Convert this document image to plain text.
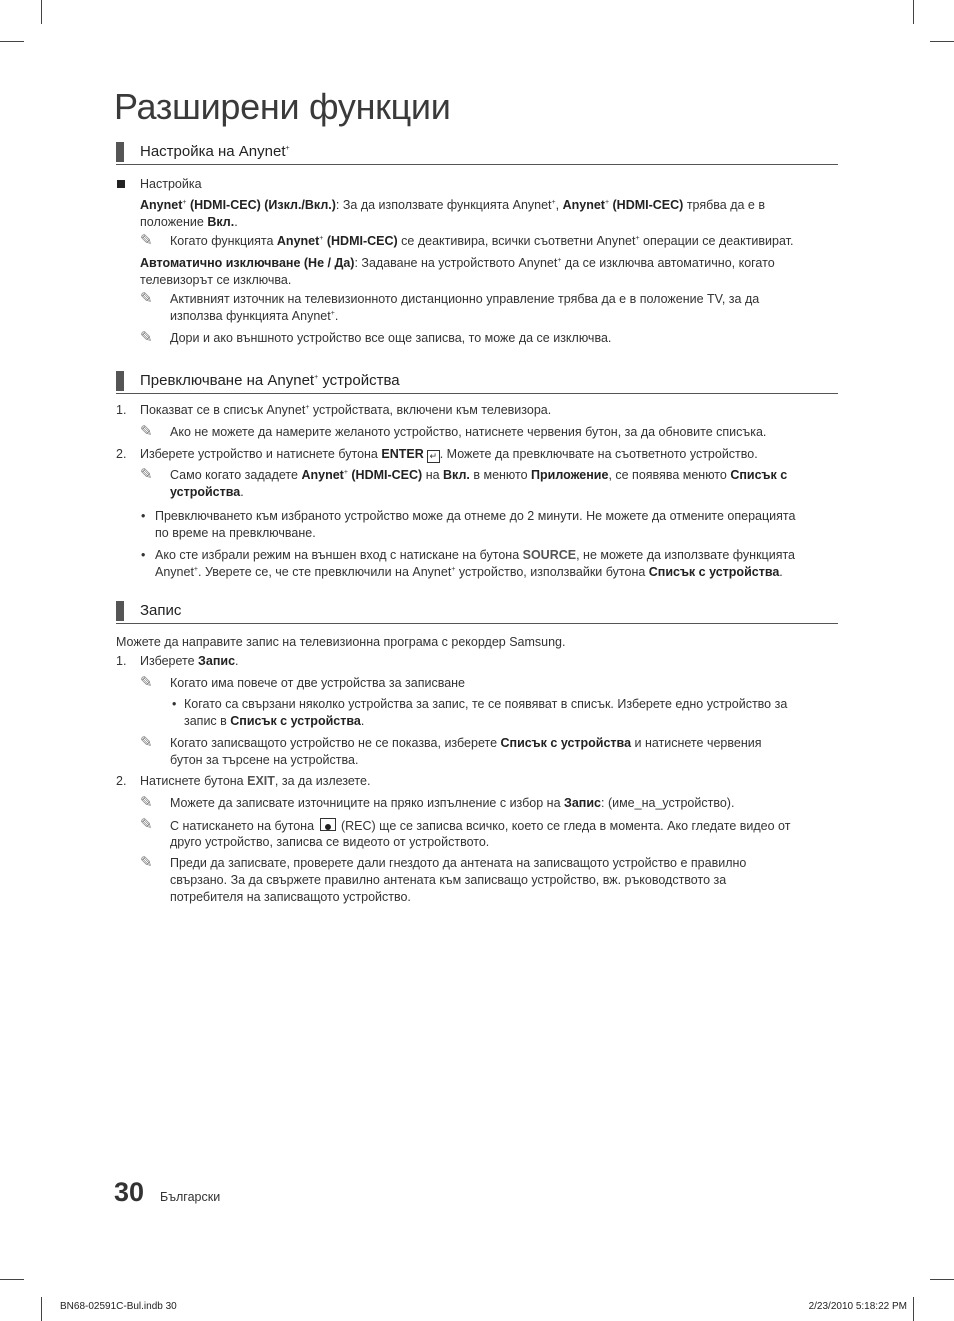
Разширени функции
Настройка на Anynet+
Настройка
Anynet+ (HDMI-CEC) (Изкл./Вкл.): За да използвате функцията Anynet+, Anynet+ (HDMI-CEC) трябва да е в
положение Вкл..
✎ Когато функцията Anynet+ (HDMI-CEC) се деактивира, всички съответни Anynet+ операции се деактивират.
Автоматично изключване (Не / Да): Задаване на устройството Anynet+ да се изключва автоматично, когато
телевизорът се изключва.
✎ Активният източник на телевизионното дистанционно управление трябва да е в положение TV, за да
използва функцията Anynet+.
✎ Дори и ако външното устройство все още записва, то може да се изключва.
Превключване на Anynet+ устройства
1. Показват се в списък Anynet+ устройствата, включени към телевизора.
✎ Ако не можете да намерите желаното устройство, натиснете червения бутон, за да обновите списъка.
2. Изберете устройство и натиснете бутона ENTER ↵ . Можете да превключвате на съответното устройство.
✎ Само когато зададете Anynet+ (HDMI-CEC) на Вкл. в менюто Приложение, се появява менюто Списък с
устройства.
• Превключването към избраното устройство може да отнеме до 2 минути. Не можете да отмените операцията
по време на превключване.
• Ако сте избрали режим на външен вход с натискане на бутона SOURCE, не можете да използвате функцията
Anynet+. Уверете се, че сте превключили на Anynet+ устройство, използвайки бутона Списък с устройства.
Запис
Можете да направите запис на телевизионна програма с рекордер Samsung.
1. Изберете Запис.
✎ Когато има повече от две устройства за записване
• Когато са свързани няколко устройства за запис, те се появяват в списък. Изберете едно устройство за
запис в Списък с устройства.
✎ Когато записващото устройство не се показва, изберете Списък с устройства и натиснете червения
бутон за търсене на устройства.
2. Натиснете бутона EXIT, за да излезете.
✎ Можете да записвате източниците на пряко изпълнение с избор на Запис: (име_на_устройство).
✎ С натискането на бутона  (REC) ще се записва всичко, което се гледа в момента. Ако гледате видео от
друго устройство, записва се видеото от устройството.
✎ Преди да записвате, проверете дали гнездото да антената на записващото устройство е правилно
свързано. За да свържете правилно антената към записващо устройство, вж. ръководството за
потребителя на записващото устройство.
30 Български
BN68-02591C-Bul.indb 30	2/23/2010 5:18:22 PM
